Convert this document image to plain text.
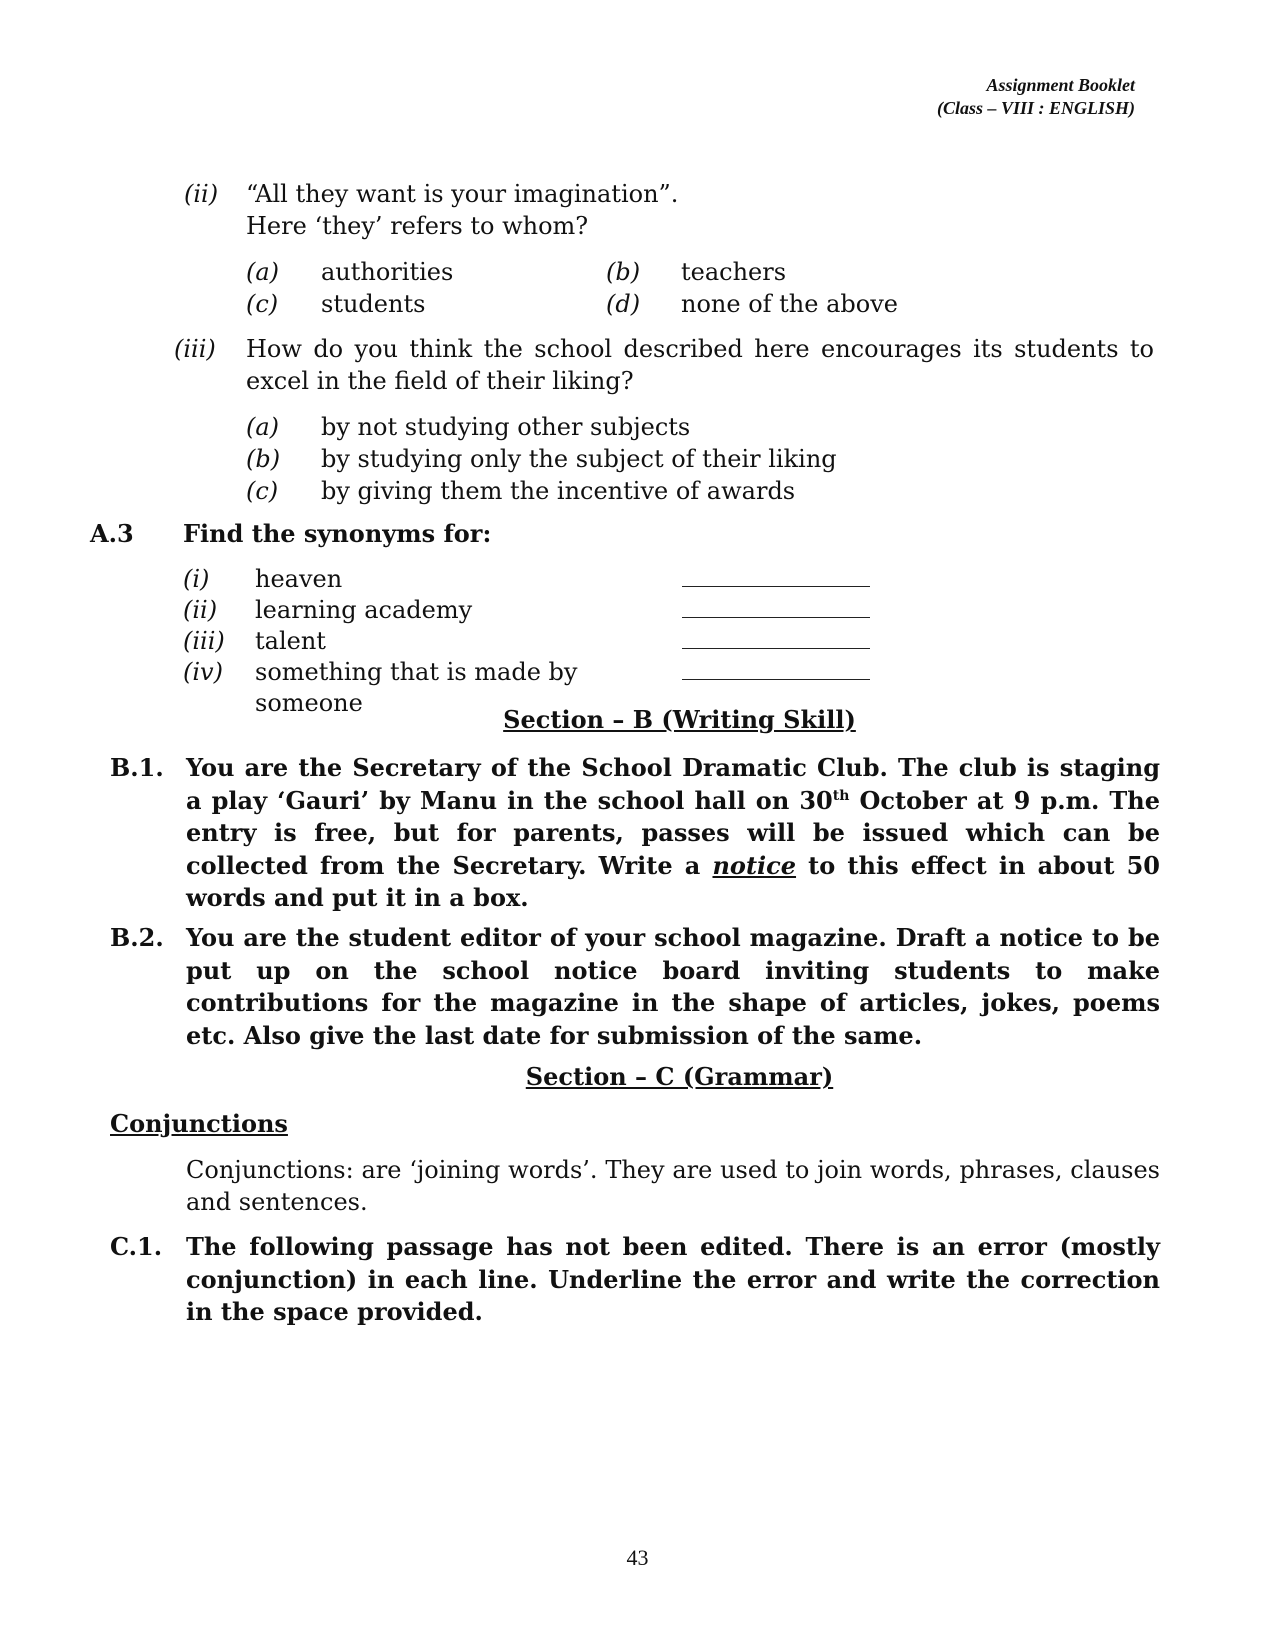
Assignment Booklet
(Class – VIII : ENGLISH)
(ii)	“All they want is your imagination”.
Here ‘they’ refers to whom?
(a)	authorities	(b)	teachers
(c)	students	(d)	none of the above
(iii)	How do you think the school described here encourages its students to excel in the field of their liking?
(a)	by not studying other subjects
(b)	by studying only the subject of their liking
(c)	by giving them the incentive of awards
A.3 Find the synonyms for:
(i)	heaven
(ii)	learning academy
(iii)	talent
(iv)	something that is made by someone
Section – B (Writing Skill)
B.1. You are the Secretary of the School Dramatic Club. The club is staging a play ‘Gauri’ by Manu in the school hall on 30th October at 9 p.m. The entry is free, but for parents, passes will be issued which can be collected from the Secretary. Write a notice to this effect in about 50 words and put it in a box.
B.2. You are the student editor of your school magazine. Draft a notice to be put up on the school notice board inviting students to make contributions for the magazine in the shape of articles, jokes, poems etc. Also give the last date for submission of the same.
Section – C (Grammar)
Conjunctions
Conjunctions: are ‘joining words’. They are used to join words, phrases, clauses and sentences.
C.1. The following passage has not been edited. There is an error (mostly conjunction) in each line. Underline the error and write the correction in the space provided.
43
